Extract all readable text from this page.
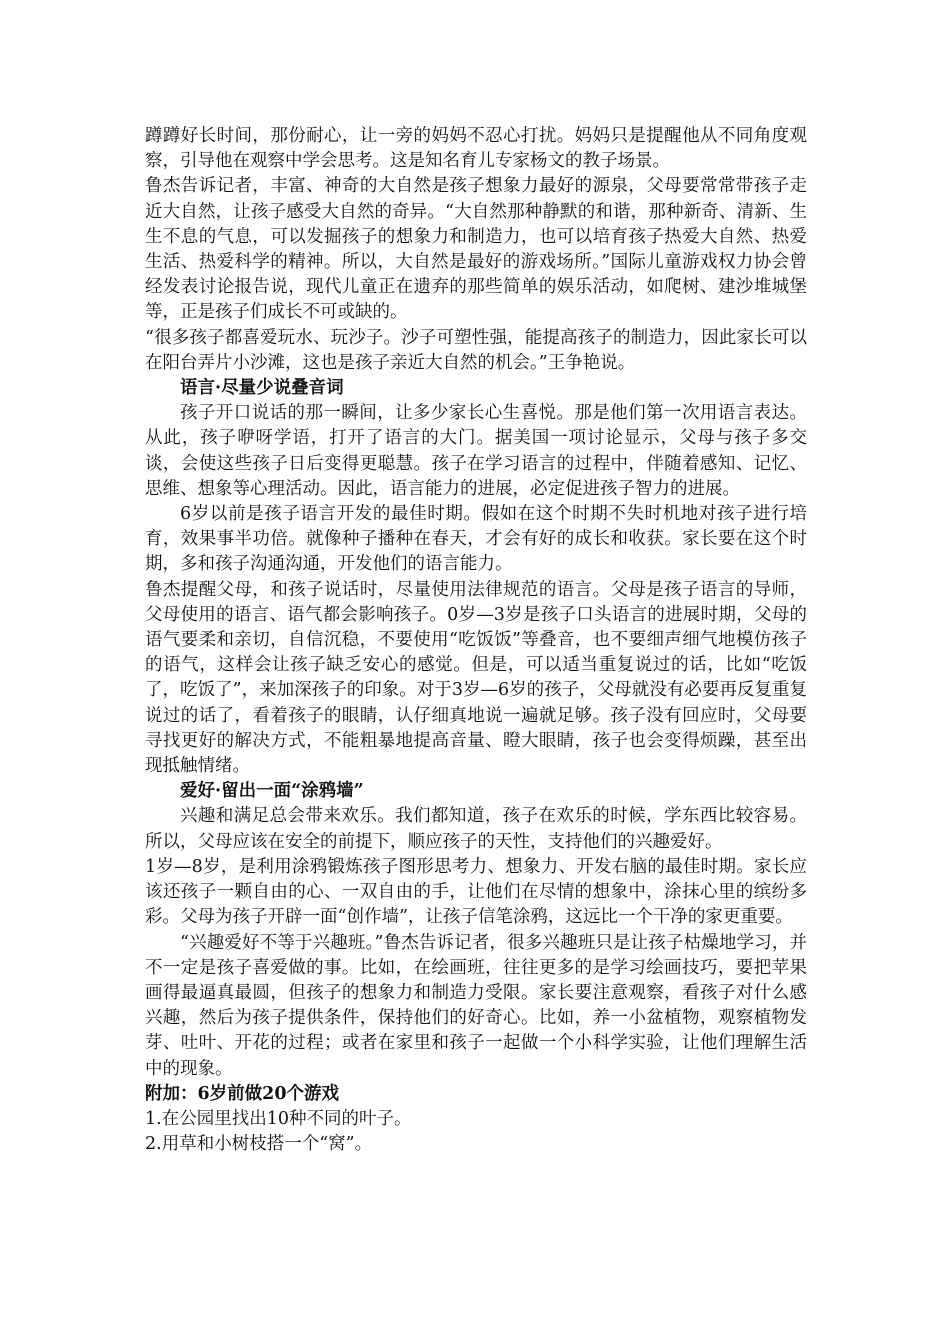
蹲蹲好长时间，那份耐心，让一旁的妈妈不忍心打扰。妈妈只是提醒他从不同角度观察，引导他在观察中学会思考。这是知名育儿专家杨文的教子场景。

鲁杰告诉记者，丰富、神奇的大自然是孩子想象力最好的源泉，父母要常常带孩子走近大自然，让孩子感受大自然的奇异。“大自然那种静默的和谐，那种新奇、清新、生生不息的气息，可以发掘孩子的想象力和制造力，也可以培育孩子热爱大自然、热爱生活、热爱科学的精神。所以，大自然是最好的游戏场所。”国际儿童游戏权力协会曾经发表讨论报告说，现代儿童正在遗弃的那些简单的娱乐活动，如爬树、建沙堆城堡等，正是孩子们成长不可或缺的。

“很多孩子都喜爱玩水、玩沙子。沙子可塑性强，能提高孩子的制造力，因此家长可以在阳台弄片小沙滩，这也是孩子亲近大自然的机会。”王争艳说。

语言·尽量少说叠音词

孩子开口说话的那一瞬间，让多少家长心生喜悦。那是他们第一次用语言表达。从此，孩子咿呀学语，打开了语言的大门。据美国一项讨论显示，父母与孩子多交谈，会使这些孩子日后变得更聪慧。孩子在学习语言的过程中，伴随着感知、记忆、思维、想象等心理活动。因此，语言能力的进展，必定促进孩子智力的进展。

6岁以前是孩子语言开发的最佳时期。假如在这个时期不失时机地对孩子进行培育，效果事半功倍。就像种子播种在春天，才会有好的成长和收获。家长要在这个时期，多和孩子沟通沟通，开发他们的语言能力。

鲁杰提醒父母，和孩子说话时，尽量使用法律规范的语言。父母是孩子语言的导师，父母使用的语言、语气都会影响孩子。0岁—3岁是孩子口头语言的进展时期，父母的语气要柔和亲切，自信沉稳，不要使用“吃饭饭”等叠音，也不要细声细气地模仿孩子的语气，这样会让孩子缺乏安心的感觉。但是，可以适当重复说过的话，比如“吃饭了，吃饭了”，来加深孩子的印象。对于3岁—6岁的孩子，父母就没有必要再反复重复说过的话了，看着孩子的眼睛，认仔细真地说一遍就足够。孩子没有回应时，父母要寻找更好的解决方式，不能粗暴地提高音量、瞪大眼睛，孩子也会变得烦躁，甚至出现抵触情绪。

爱好·留出一面“涂鸦墙”

兴趣和满足总会带来欢乐。我们都知道，孩子在欢乐的时候，学东西比较容易。所以，父母应该在安全的前提下，顺应孩子的天性，支持他们的兴趣爱好。

1岁—8岁，是利用涂鸦锻炼孩子图形思考力、想象力、开发右脑的最佳时期。家长应该还孩子一颗自由的心、一双自由的手，让他们在尽情的想象中，涂抹心里的缤纷多彩。父母为孩子开辟一面“创作墙”，让孩子信笔涂鸦，这远比一个干净的家更重要。

“兴趣爱好不等于兴趣班。”鲁杰告诉记者，很多兴趣班只是让孩子枯燥地学习，并不一定是孩子喜爱做的事。比如，在绘画班，往往更多的是学习绘画技巧，要把苹果画得最逼真最圆，但孩子的想象力和制造力受限。家长要注意观察，看孩子对什么感兴趣，然后为孩子提供条件，保持他们的好奇心。比如，养一小盆植物，观察植物发芽、吐叶、开花的过程；或者在家里和孩子一起做一个小科学实验，让他们理解生活中的现象。

附加：6岁前做20个游戏

1.在公园里找出10种不同的叶子。

2.用草和小树枝搭一个“窝”。
